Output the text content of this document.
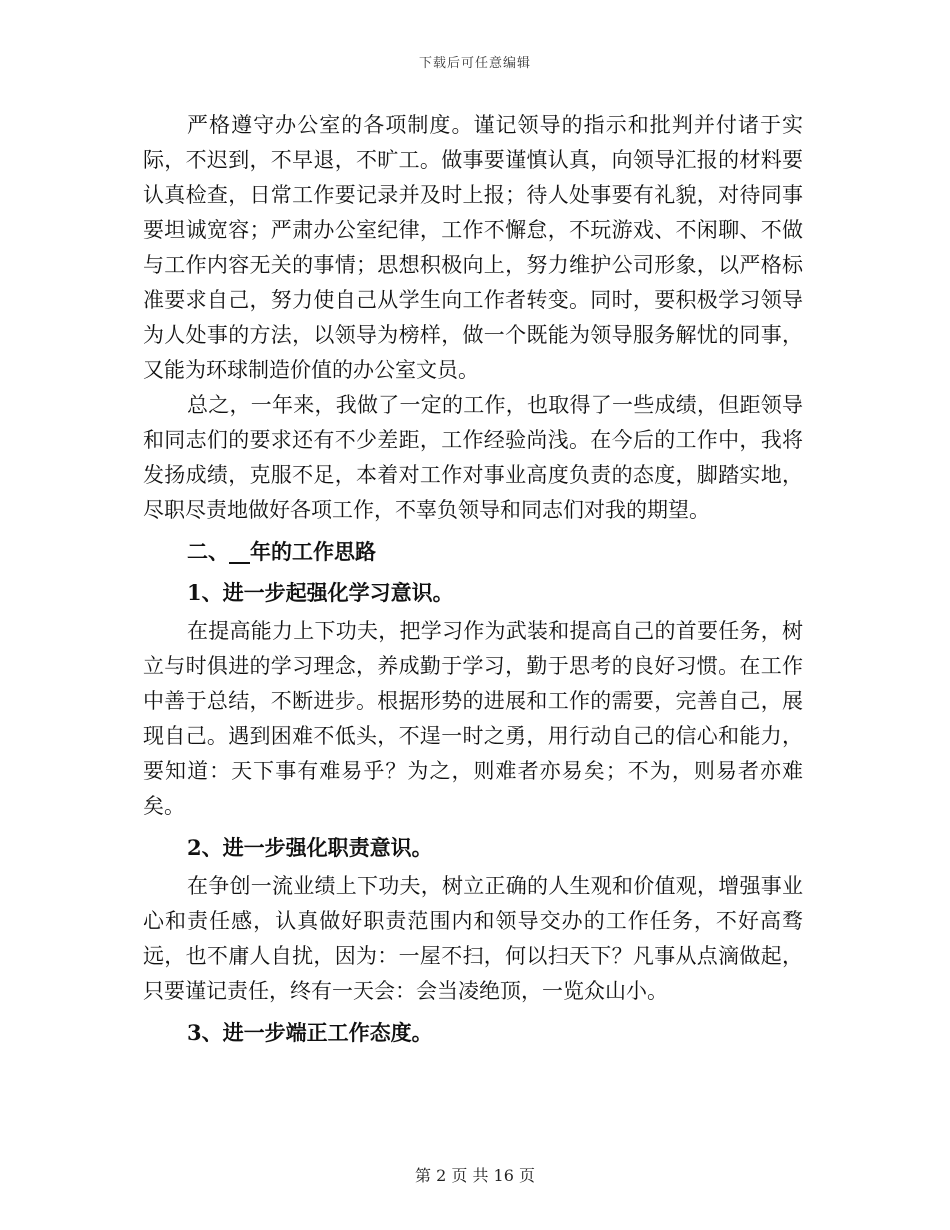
下载后可任意编辑

严格遵守办公室的各项制度。谨记领导的指示和批判并付诸于实际，不迟到，不早退，不旷工。做事要谨慎认真，向领导汇报的材料要认真检查，日常工作要记录并及时上报；待人处事要有礼貌，对待同事要坦诚宽容；严肃办公室纪律，工作不懈怠，不玩游戏、不闲聊、不做与工作内容无关的事情；思想积极向上，努力维护公司形象，以严格标准要求自己，努力使自己从学生向工作者转变。同时，要积极学习领导为人处事的方法，以领导为榜样，做一个既能为领导服务解忧的同事，又能为环球制造价值的办公室文员。

总之，一年来，我做了一定的工作，也取得了一些成绩，但距领导和同志们的要求还有不少差距，工作经验尚浅。在今后的工作中，我将发扬成绩，克服不足，本着对工作对事业高度负责的态度，脚踏实地，尽职尽责地做好各项工作，不辜负领导和同志们对我的期望。

二、__年的工作思路

1、进一步起强化学习意识。

在提高能力上下功夫，把学习作为武装和提高自己的首要任务，树立与时俱进的学习理念，养成勤于学习，勤于思考的良好习惯。在工作中善于总结，不断进步。根据形势的进展和工作的需要，完善自己，展现自己。遇到困难不低头，不逞一时之勇，用行动自己的信心和能力，要知道：天下事有难易乎？为之，则难者亦易矣；不为，则易者亦难矣。

2、进一步强化职责意识。

在争创一流业绩上下功夫，树立正确的人生观和价值观，增强事业心和责任感，认真做好职责范围内和领导交办的工作任务，不好高骛远，也不庸人自扰，因为：一屋不扫，何以扫天下？凡事从点滴做起，只要谨记责任，终有一天会：会当凌绝顶，一览众山小。

3、进一步端正工作态度。

第 2 页 共 16 页
